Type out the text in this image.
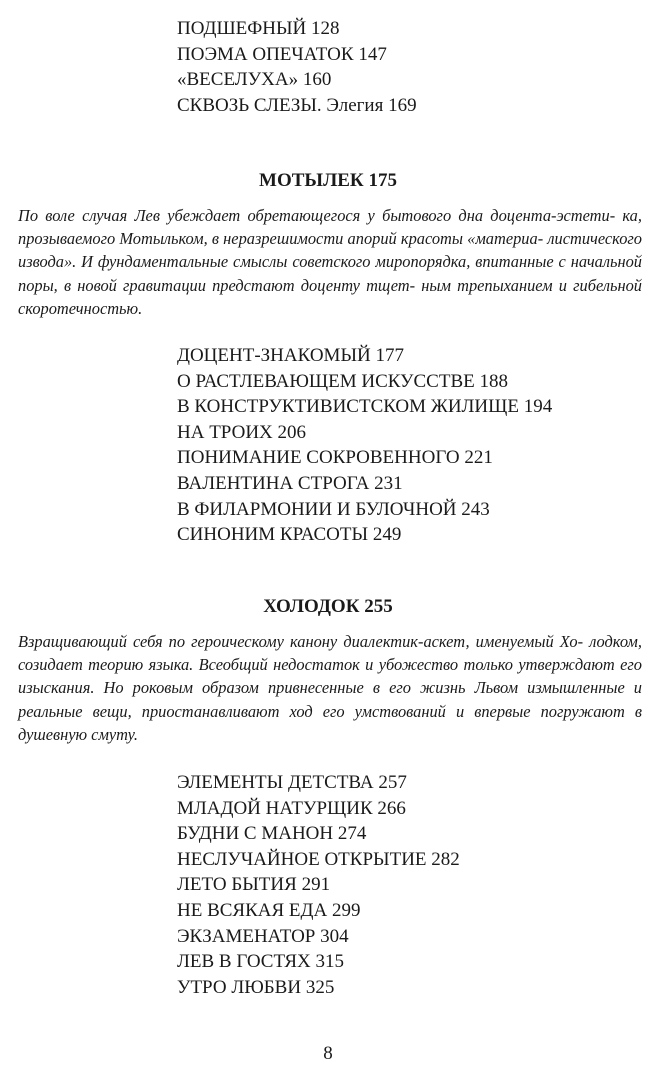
ПОДШЕФНЫЙ 128
ПОЭМА ОПЕЧАТОК 147
«ВЕСЕЛУХА» 160
СКВОЗЬ СЛЕЗЫ. Элегия 169
МОТЫЛЕК 175

По воле случая Лев убеждает обретающегося у бытового дна доцента-эстети- ка, прозываемого Мотыльком, в неразрешимости апорий красоты «материа- листического извода». И фундаментальные смыслы советского миропорядка, впитанные с начальной поры, в новой гравитации предстают доценту тщет- ным трепыханием и гибельной скоротечностью.

ДОЦЕНТ-ЗНАКОМЫЙ 177
О РАСТЛЕВАЮЩЕМ ИСКУССТВЕ 188
В КОНСТРУКТИВИСТСКОМ ЖИЛИЩЕ 194
НА ТРОИХ 206
ПОНИМАНИЕ СОКРОВЕННОГО 221
ВАЛЕНТИНА СТРОГА 231
В ФИЛАРМОНИИ И БУЛОЧНОЙ 243
СИНОНИМ КРАСОТЫ 249
ХОЛОДОК 255

Взращивающий себя по героическому канону диалектик-аскет, именуемый Хо- лодком, созидает теорию языка. Всеобщий недостаток и убожество только утверждают его изыскания. Но роковым образом привнесенные в его жизнь Львом измышленные и реальные вещи, приостанавливают ход его умствований и впервые погружают в душевную смуту.

ЭЛЕМЕНТЫ ДЕТСТВА 257
МЛАДОЙ НАТУРЩИК 266
БУДНИ С МАНОН 274
НЕСЛУЧАЙНОЕ ОТКРЫТИЕ 282
ЛЕТО БЫТИЯ 291
НЕ ВСЯКАЯ ЕДА 299
ЭКЗАМЕНАТОР 304
ЛЕВ В ГОСТЯХ 315
УТРО ЛЮБВИ 325
8
